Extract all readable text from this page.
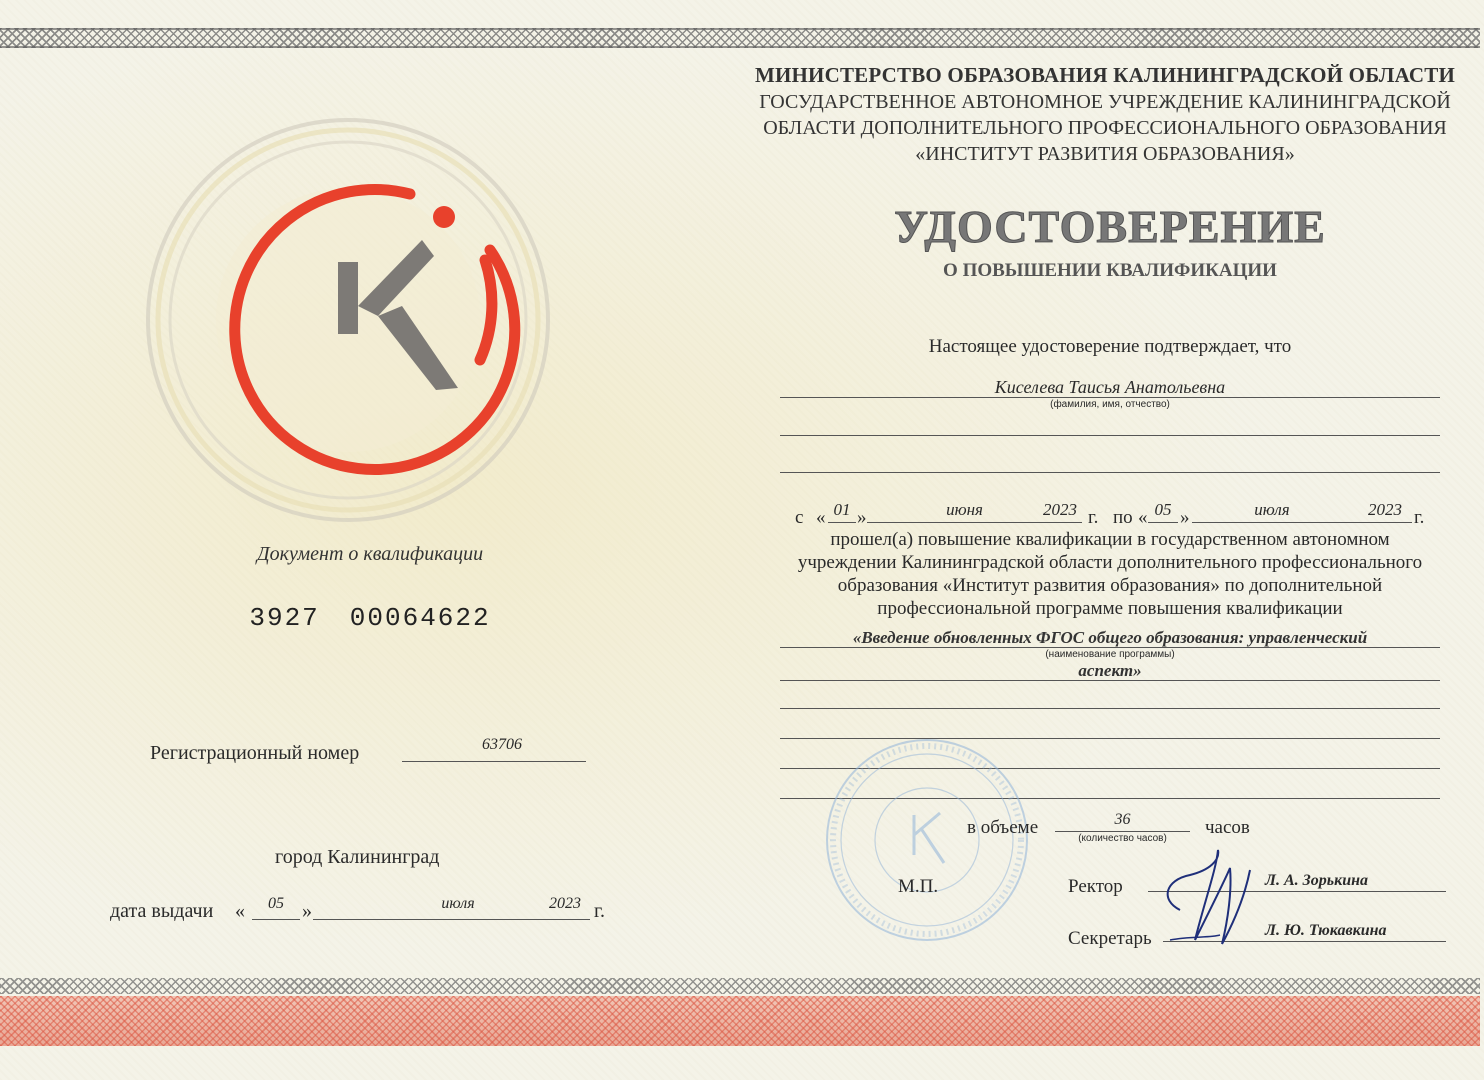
Документ о квалификации
3927 00064622
Регистрационный номер	63706
город Калининград
дата выдачи «	05 »	июля	2023 г.
МИНИСТЕРСТВО ОБРАЗОВАНИЯ КАЛИНИНГРАДСКОЙ ОБЛАСТИ
ГОСУДАРСТВЕННОЕ АВТОНОМНОЕ УЧРЕЖДЕНИЕ КАЛИНИНГРАДСКОЙ
ОБЛАСТИ ДОПОЛНИТЕЛЬНОГО ПРОФЕССИОНАЛЬНОГО ОБРАЗОВАНИЯ
«ИНСТИТУТ РАЗВИТИЯ ОБРАЗОВАНИЯ»
УДОСТОВЕРЕНИЕ
О ПОВЫШЕНИИ КВАЛИФИКАЦИИ
Настоящее удостоверение подтверждает, что
Киселева Таисья Анатольевна
(фамилия, имя, отчество)
с « 01 »	июня	2023 г. по « 05 »	июля	2023 г.
прошел(а) повышение квалификации в государственном автономном
учреждении Калининградской области дополнительного профессионального
образования «Институт развития образования» по дополнительной
профессиональной программе повышения квалификации
«Введение обновленных ФГОС общего образования: управленческий
(наименование программы)
аспект»
в объеме	36
(количество часов)
часов
М.П.	Ректор	Л. А. Зорькина
Секретарь	Л. Ю. Тюкавкина
